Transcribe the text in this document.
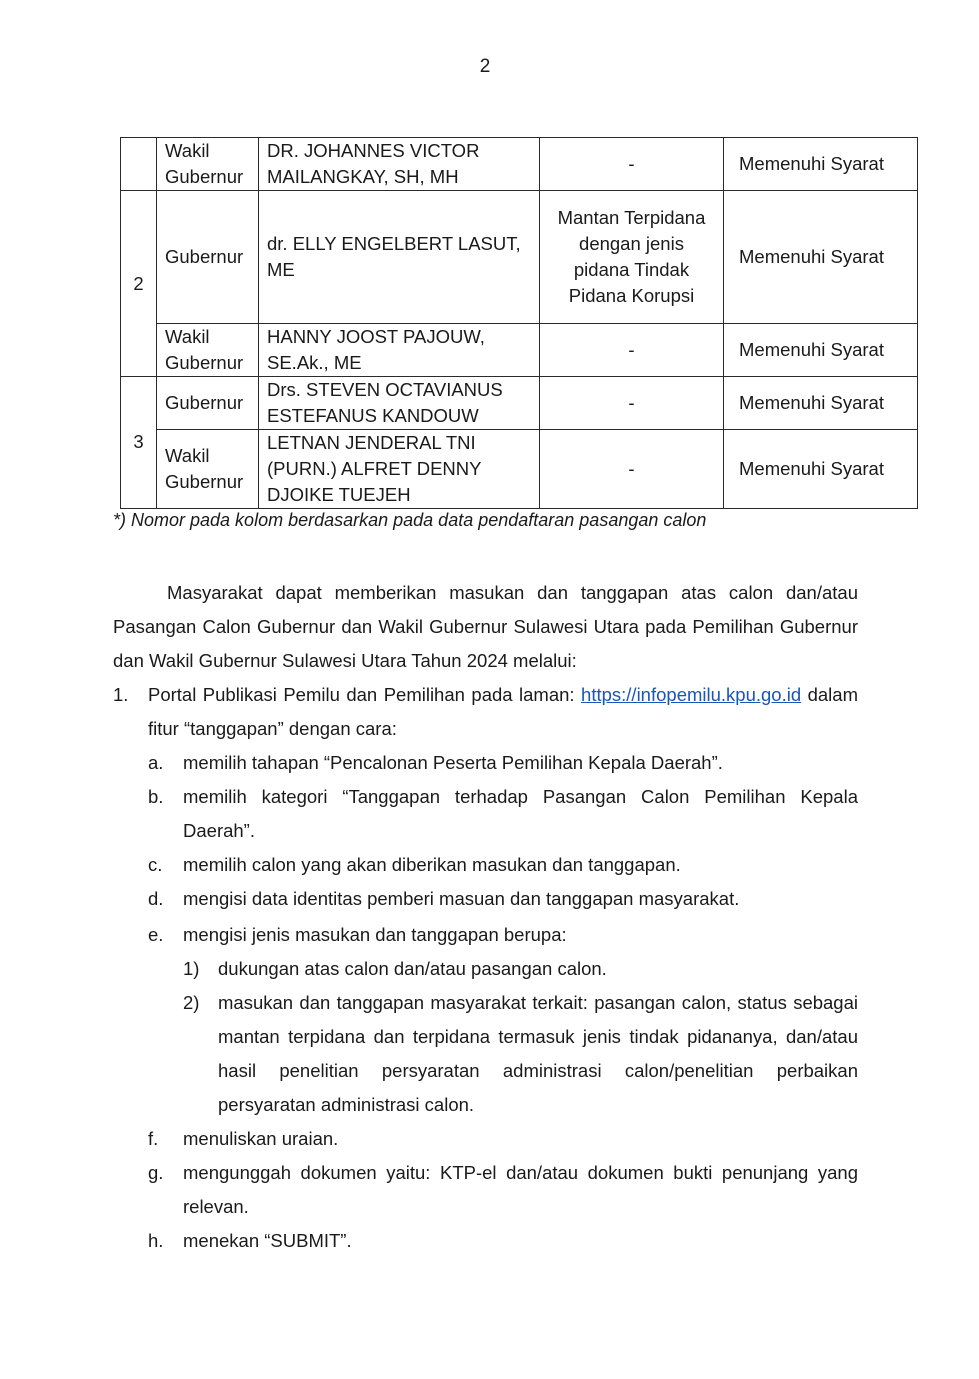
2
	Wakil Gubernur	DR. JOHANNES VICTOR MAILANGKAY, SH, MH	-	Memenuhi Syarat
2	Gubernur	dr. ELLY ENGELBERT LASUT, ME	Mantan Terpidana dengan jenis pidana Tindak Pidana Korupsi	Memenuhi Syarat
	Wakil Gubernur	HANNY JOOST PAJOUW, SE.Ak., ME	-	Memenuhi Syarat
3	Gubernur	Drs. STEVEN OCTAVIANUS ESTEFANUS KANDOUW	-	Memenuhi Syarat
	Wakil Gubernur	LETNAN JENDERAL TNI (PURN.) ALFRET DENNY DJOIKE TUEJEH	-	Memenuhi Syarat
*) Nomor pada kolom berdasarkan pada data pendaftaran pasangan calon
Masyarakat dapat memberikan masukan dan tanggapan atas calon dan/atau Pasangan Calon Gubernur dan Wakil Gubernur Sulawesi Utara pada Pemilihan Gubernur dan Wakil Gubernur Sulawesi Utara Tahun 2024 melalui:
1. Portal Publikasi Pemilu dan Pemilihan pada laman: https://infopemilu.kpu.go.id dalam fitur “tanggapan” dengan cara:
a. memilih tahapan “Pencalonan Peserta Pemilihan Kepala Daerah”.
b. memilih kategori “Tanggapan terhadap Pasangan Calon Pemilihan Kepala Daerah”.
c. memilih calon yang akan diberikan masukan dan tanggapan.
d. mengisi data identitas pemberi masuan dan tanggapan masyarakat.
e. mengisi jenis masukan dan tanggapan berupa:
1) dukungan atas calon dan/atau pasangan calon.
2) masukan dan tanggapan masyarakat terkait: pasangan calon, status sebagai mantan terpidana dan terpidana termasuk jenis tindak pidananya, dan/atau hasil penelitian persyaratan administrasi calon/penelitian perbaikan persyaratan administrasi calon.
f. menuliskan uraian.
g. mengunggah dokumen yaitu: KTP-el dan/atau dokumen bukti penunjang yang relevan.
h. menekan “SUBMIT”.
